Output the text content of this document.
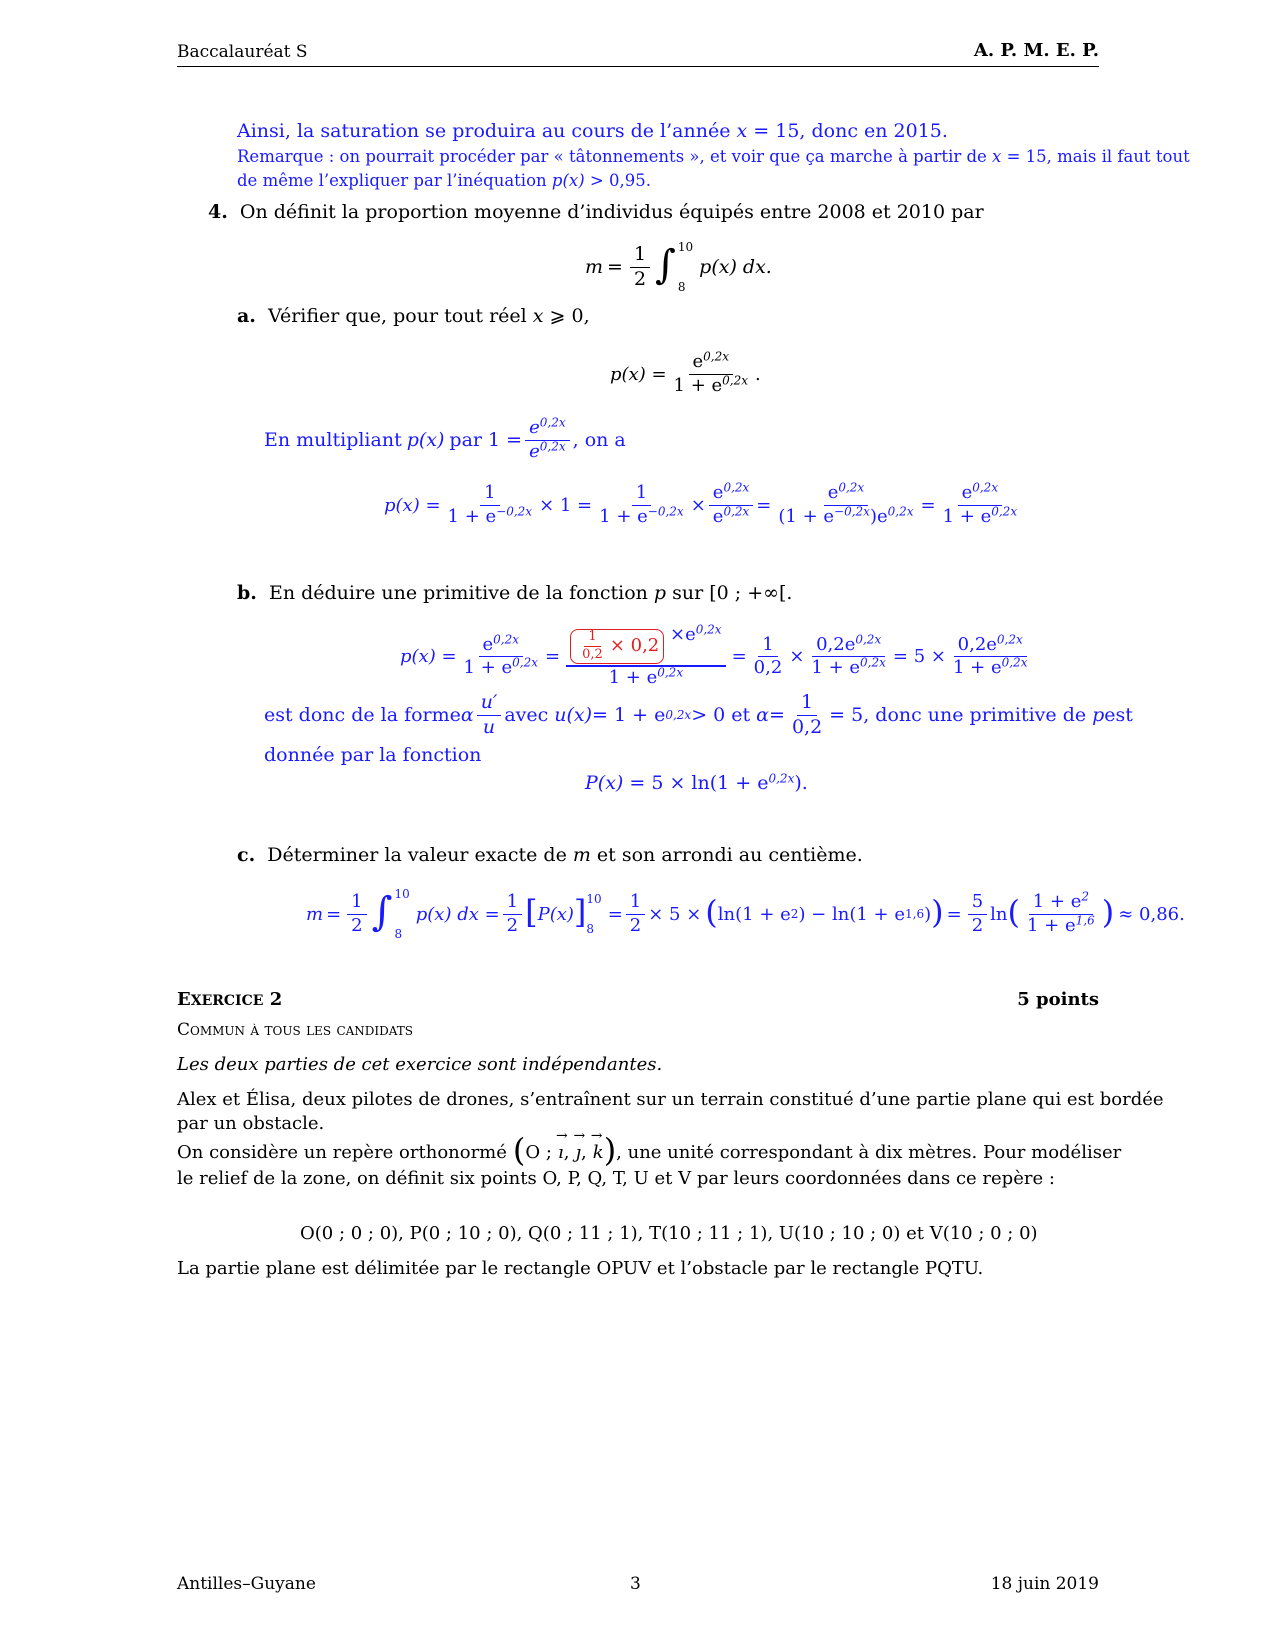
Baccalauréat S	A. P. M. E. P.
Ainsi, la saturation se produira au cours de l’année x = 15, donc en 2015.
Remarque : on pourrait procéder par « tâtonnements », et voir que ça marche à partir de x = 15, mais il faut tout
de même l’expliquer par l’inéquation p(x) > 0,95.
4. On définit la proportion moyenne d’individus équipés entre 2008 et 2010 par
$m = \frac{1}{2}$ ∫ 10
8
p(x) dx.
a. Vérifier que, pour tout réel x ⩾ 0,
$p(x) = \frac{e^{0,2x}}{1 + e^{0,2x}}$ .
En multipliant p(x) par $1 = \frac{e^{0,2x}}{e^{0,2x}}$ , on a
$p(x) = \frac{1}{1 + e^{-0,2x}} \times 1 = \frac{1}{1 + e^{-0,2x}} \times \frac{e^{0,2x}}{e^{0,2x}} = \frac{e^{0,2x}}{(1 + e^{-0,2x})e^{0,2x}} = \frac{e^{0,2x}}{1 + e^{0,2x}}$
b. En déduire une primitive de la fonction p sur [0 ; +∞[.
$p(x) = \frac{e^{0,2x}}{1 + e^{0,2x}} = \frac{1}{0,2} \times 0,2$
$\times e^{0,2x}$
$1 + e^{0,2x} = \frac{1}{0,2} \times \frac{0,2e^{0,2x}}{1 + e^{0,2x}} = 5 \times \frac{0,2e^{0,2x}}{1 + e^{0,2x}}$
est donc de la forme α $\frac{u'}{u}$ avec u(x) = 1 + e 0,2x > 0 et $\alpha = \frac{1}{0,2} = 5$, donc une primitive de p est
donnée par la fonction
$P(x) = 5 \times \ln(1 + e^{0,2x})$.
c. Déterminer la valeur exacte de m et son arrondi au centième.
$m = \frac{1}{2}$ ∫ 10
8
p(x) dx = $\frac{1}{2}$ [ P(x) ] 10
8
= $\frac{1}{2} \times 5$ × ( ln(1 + e 2 ) − ln(1 + e 1,6 ) ) = $\frac{5}{2}$ ln ( $\frac{1 + e^2}{1 + e^{1,6}}$ ) ≈ 0,86.
EXERCICE 2	5 points
Commun à tous les candidats
Les deux parties de cet exercice sont indépendantes.
Alex et Élisa, deux pilotes de drones, s’entraînent sur un terrain constitué d’une partie plane qui est bordée
par un obstacle.
On considère un repère orthonormé ( O ; → ı , → ȷ , → k ) , une unité correspondant à dix mètres. Pour modéliser
le relief de la zone, on définit six points O, P, Q, T, U et V par leurs coordonnées dans ce repère :
O(0 ; 0 ; 0), P(0 ; 10 ; 0), Q(0 ; 11 ; 1), T(10 ; 11 ; 1), U(10 ; 10 ; 0) et V(10 ; 0 ; 0)
La partie plane est délimitée par le rectangle OPUV et l’obstacle par le rectangle PQTU.
Antilles–Guyane	3	18 juin 2019
